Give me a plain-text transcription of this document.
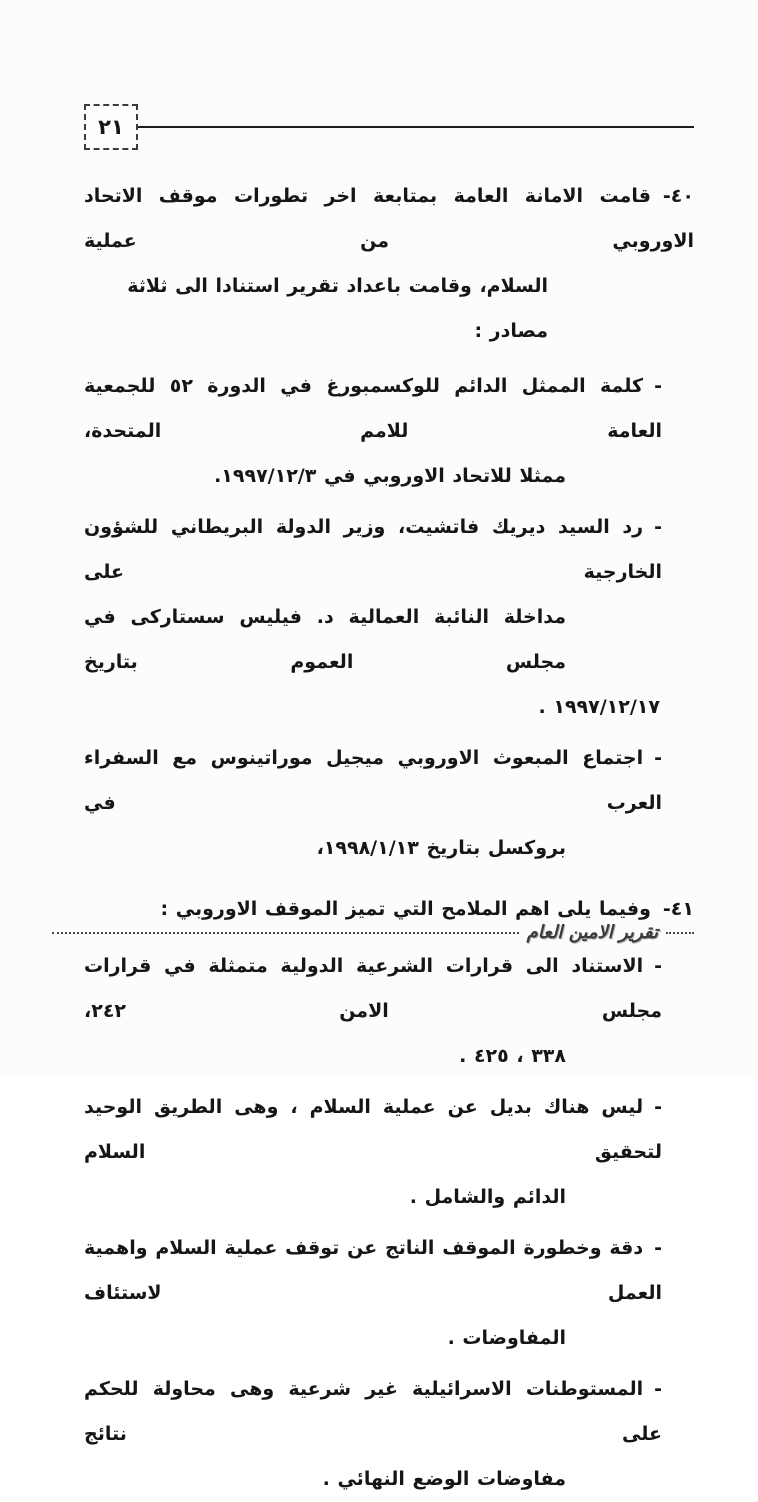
٢١
٤٠-قامت الامانة العامة بمتابعة اخر تطورات موقف الاتحاد الاوروبي من عملية
السلام، وقامت باعداد تقرير استنادا الى ثلاثة مصادر :
-كلمة الممثل الدائم للوكسمبورغ في الدورة ٥٢ للجمعية العامة للامم المتحدة،
ممثلا للاتحاد الاوروبي في ١٩٩٧/١٢/٣.
-رد السيد ديريك فاتشيت، وزير الدولة البريطاني للشؤون الخارجية على
مداخلة النائبة العمالية د. فيليس سستاركى في مجلس العموم بتاريخ
١٩٩٧/١٢/١٧ .
-اجتماع المبعوث الاوروبي ميجيل موراتينوس مع السفراء العرب في
بروكسل بتاريخ ١٩٩٨/١/١٣،
٤١-وفيما يلى اهم الملامح التي تميز الموقف الاوروبي :
-الاستناد الى قرارات الشرعية الدولية متمثلة في قرارات مجلس الامن ٢٤٢،
٣٣٨ ، ٤٢٥ .
-ليس هناك بديل عن عملية السلام ، وهى الطريق الوحيد لتحقيق السلام
الدائم والشامل .
-دقة وخطورة الموقف الناتج عن توقف عملية السلام واهمية العمل لاستئاف
المفاوضات .
-المستوطنات الاسرائيلية غير شرعية وهى محاولة للحكم على نتائج
مفاوضات الوضع النهائي .
تقرير الامين العام
